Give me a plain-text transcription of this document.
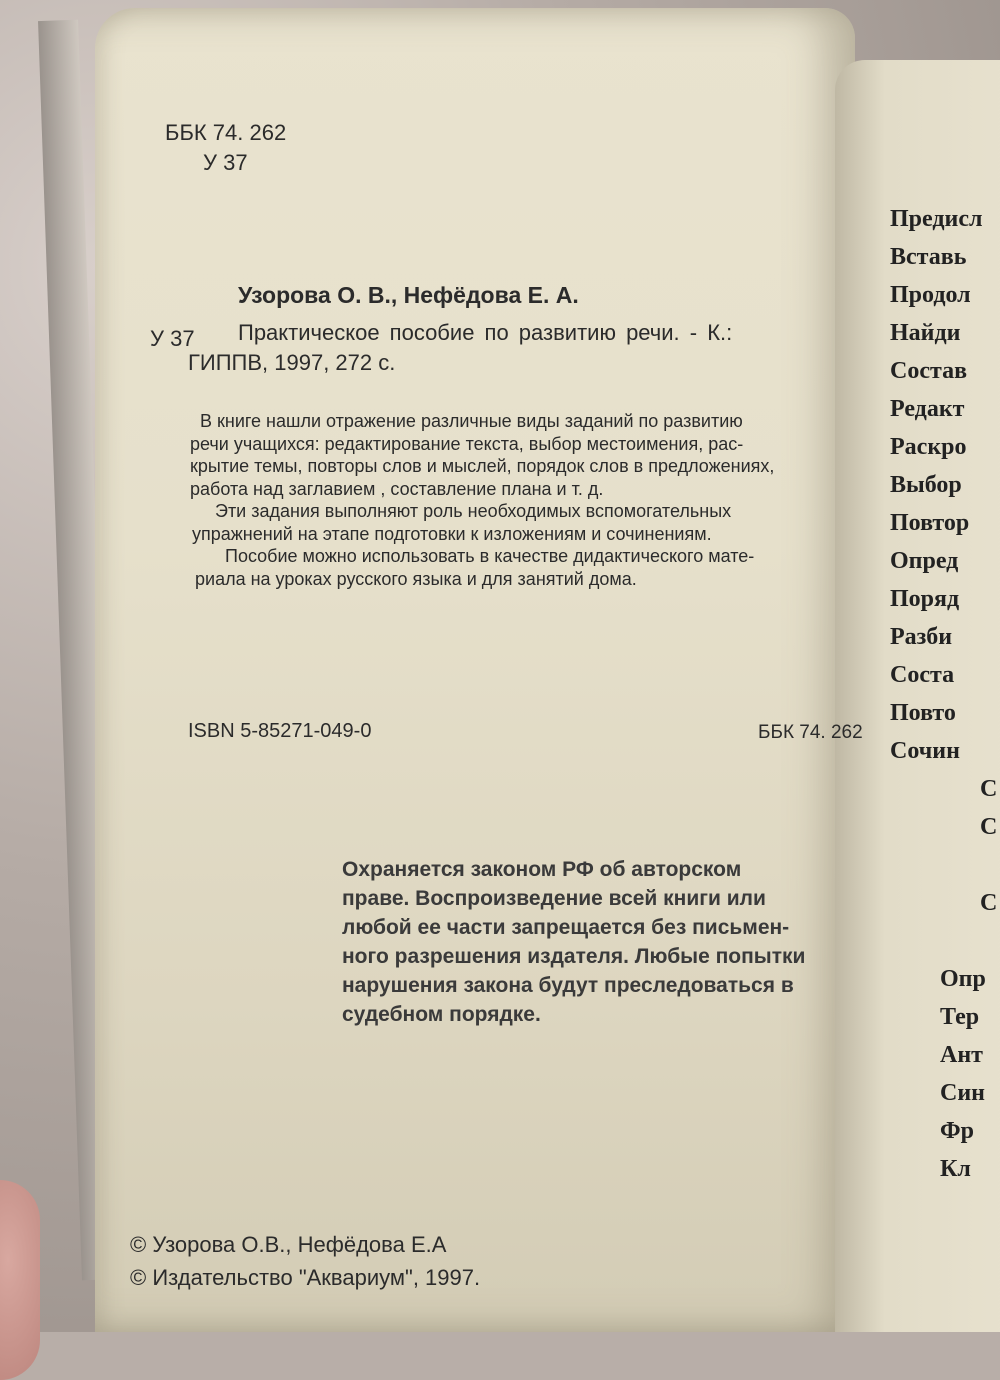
ББК 74. 262
У 37
Узорова О. В., Нефёдова Е. А.
У 37 Практическое пособие по развитию речи. - К.:
ГИППВ, 1997, 272 с.
В книге нашли отражение различные виды заданий по развитию
речи учащихся: редактирование текста, выбор местоимения, рас-
крытие темы, повторы слов и мыслей, порядок слов в предложениях,
работа над заглавием , составление плана и т. д.
Эти задания выполняют роль необходимых вспомогательных
упражнений на этапе подготовки к изложениям и сочинениям.
Пособие можно использовать в качестве дидактического мате-
риала на уроках русского языка и для занятий дома.
ISBN 5-85271-049-0	ББК 74. 262
Охраняется законом РФ об авторском
праве. Воспроизведение всей книги или
любой ее части запрещается без письмен-
ного разрешения издателя. Любые попытки
нарушения закона будут преследоваться в
судебном порядке.
© Узорова О.В., Нефёдова Е.А
© Издательство "Аквариум", 1997.
Предисл
Вставь
Продол
Найди
Состав
Редакт
Раскро
Выбор
Повтор
Опред
Поряд
Разби
Соста
Повто
Сочин
С
С
С
Опр
Тер
Ант
Син
Фр
Кл
